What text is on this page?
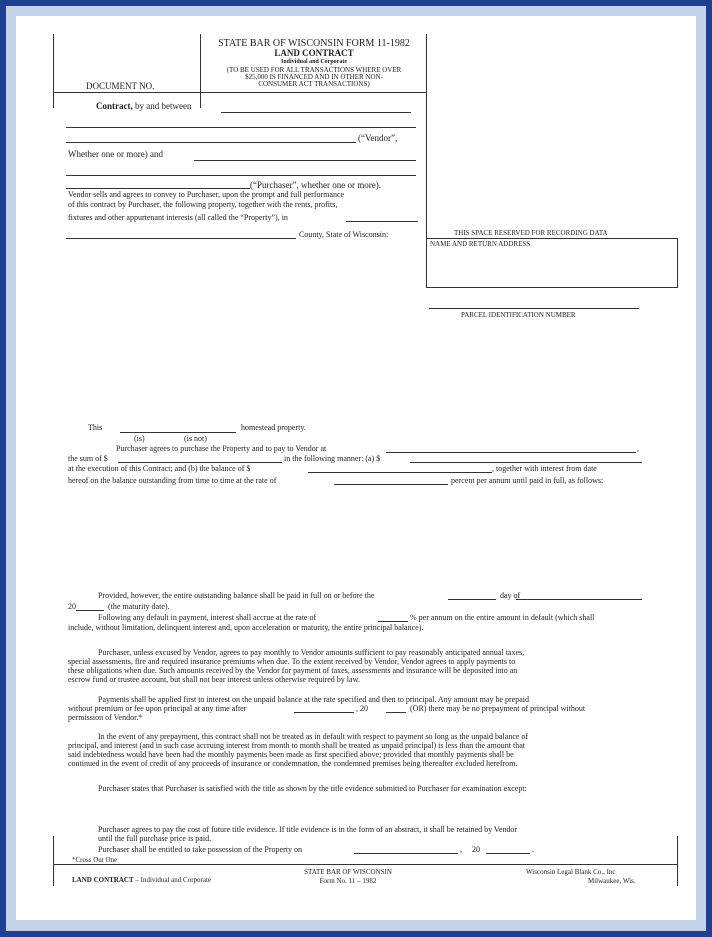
STATE BAR OF WISCONSIN FORM 11-1982
LAND CONTRACT
Individual and Corporate
(TO BE USED FOR ALL TRANSACTIONS WHERE OVER
$25,000 IS FINANCED AND IN OTHER NON-
CONSUMER ACT TRANSACTIONS)
DOCUMENT NO.
Contract, by and between
(“Vendor”,
Whether one or more) and
(“Purchaser”, whether one or more).
Vendor sells and agrees to convey to Purchaser, upon the prompt and full performance
of this contract by Purchaser, the following property, together with the rents, profits,
fixtures and other appurtenant interests (all called the “Property”), in
County, State of Wisconsin:	THIS SPACE RESERVED FOR RECORDING DATA
NAME AND RETURN ADDRESS
PARCEL IDENTIFICATION NUMBER
This	homestead property.
(is)	(is not)
Purchaser agrees to purchase the Property and to pay to Vendor at	,
the sum of $	in the following manner: (a) $
at the execution of this Contract; and (b) the balance of $	, together with interest from date
hereof on the balance outstanding from time to time at the rate of	percent per annum until paid in full, as follows:
Provided, however, the entire outstanding balance shall be paid in full on or before the	day of
20	(the maturity date).
Following any default in payment, interest shall accrue at the rate of	% per annum on the entire amount in default (which shall
include, without limitation, delinquent interest and, upon acceleration or maturity, the entire principal balance).
Purchaser, unless excused by Vendor, agrees to pay monthly to Vendor amounts sufficient to pay reasonably anticipated annual taxes,
special assessments, fire and required insurance premiums when due. To the extent received by Vendor, Vendor agrees to apply payments to
these obligations when due. Such amounts received by the Vendor for payment of taxes, assessments and insurance will be deposited into an
escrow fund or trustee account, but shall not bear interest unless otherwise required by law.
Payments shall be applied first to interest on the unpaid balance at the rate specified and then to principal. Any amount may be prepaid
without premium or fee upon principal at any time after	, 20	(OR) there may be no prepayment of principal without
permission of Vendor.*
In the event of any prepayment, this contract shall not be treated as in default with respect to payment so long as the unpaid balance of
principal, and interest (and in such case accruing interest from month to month shall be treated as unpaid principal) is less than the amount that
said indebtedness would have been had the monthly payments been made as first specified above; provided that monthly payments shall be
continued in the event of credit of any proceeds of insurance or condemnation, the condemned premises being thereafter excluded herefrom.
Purchaser states that Purchaser is satisfied with the title as shown by the title evidence submitted to Purchaser for examination except:
Purchaser agrees to pay the cost of future title evidence. If title evidence is in the form of an abstract, it shall be retained by Vendor
until the full purchase price is paid.
Purchaser shall be entitled to take possession of the Property on	, 20	.
*Cross Out One
LAND CONTRACT – Individual and Corporate
STATE BAR OF WISCONSIN
Form No. 11 – 1982
Wisconsin Legal Blank Co., Inc
Milwaukee, Wis.
